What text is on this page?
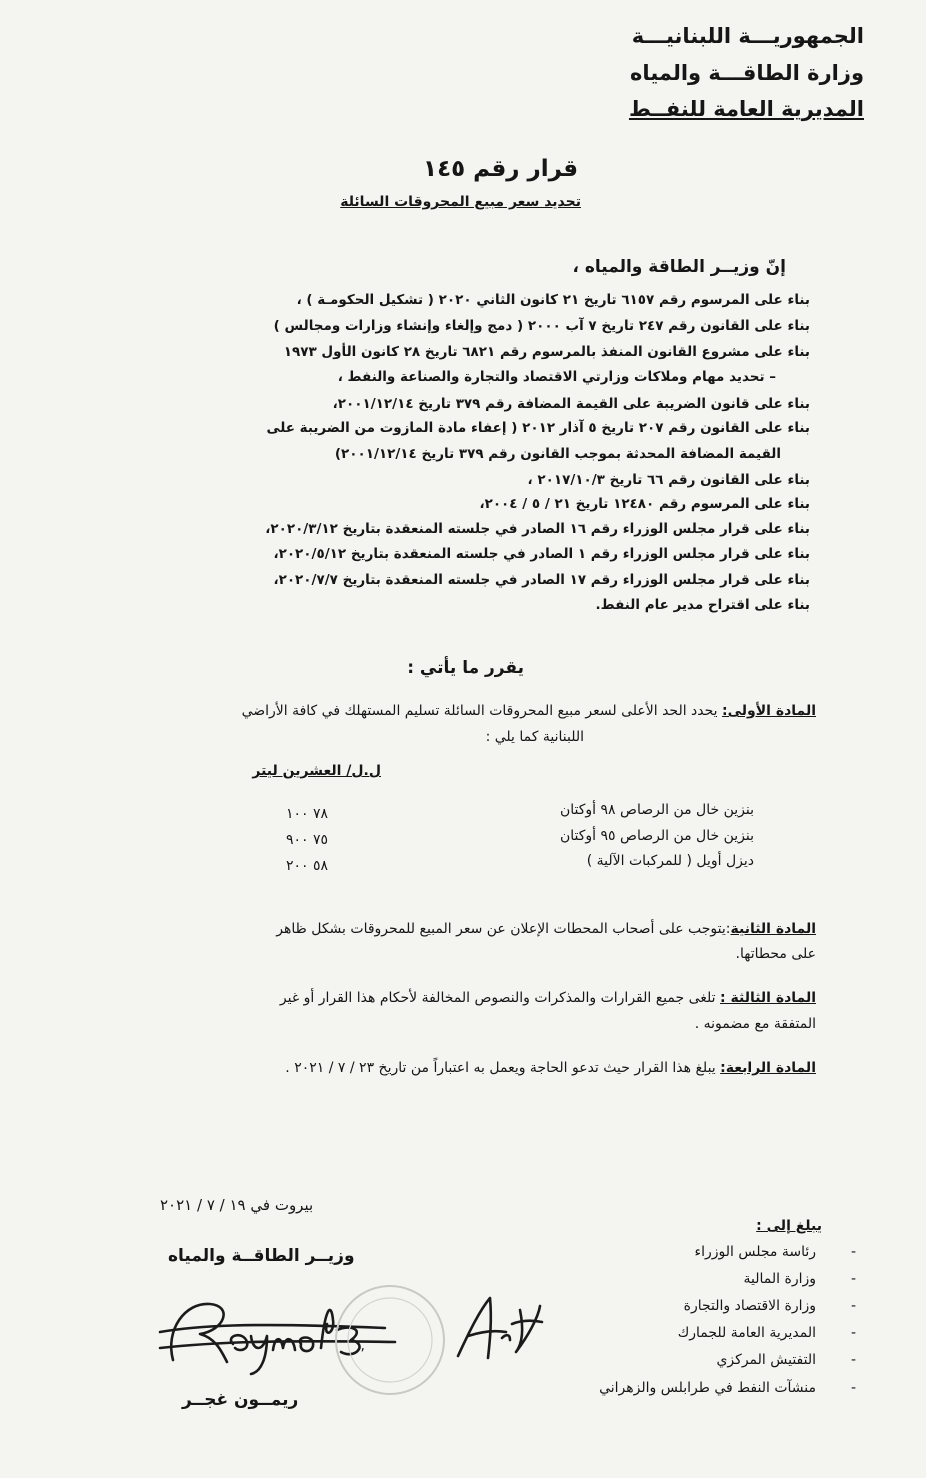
الجمهوريـــة اللبنانيـــة
وزارة الطاقـــة والمياه
المديرية العامة للنفــط
قرار رقم ١٤٥
تحديد سعر مبيع المحروقات السائلة
إنّ وزيــر الطاقة والمياه ،
بناء على المرسوم رقم ٦١٥٧ تاريخ ٢١ كانون الثاني ٢٠٢٠ ( تشكيل الحكومـة ) ،
بناء على القانون رقم ٢٤٧ تاريخ ٧ آب ٢٠٠٠ ( دمج وإلغاء وإنشاء وزارات ومجالس )
بناء على مشروع القانون المنفذ بالمرسوم رقم ٦٨٢١ تاريخ ٢٨ كانون الأول ١٩٧٣
– تحديد مهام وملاكات وزارتي الاقتصاد والتجارة والصناعة والنفط ،
بناء على قانون الضريبة على القيمة المضافة رقم ٣٧٩ تاريخ ٢٠٠١/١٢/١٤،
بناء على القانون رقم ٢٠٧ تاريخ ٥ آذار ٢٠١٢ ( إعفاء مادة المازوت من الضريبة على
القيمة المضافة المحدثة بموجب القانون رقم ٣٧٩ تاريخ ٢٠٠١/١٢/١٤)
بناء على القانون رقم ٦٦ تاريخ ٢٠١٧/١٠/٣ ،
بناء على المرسوم رقم ١٢٤٨٠ تاريخ ٢١ / ٥ / ٢٠٠٤،
بناء على قرار مجلس الوزراء رقم ١٦ الصادر في جلسته المنعقدة بتاريخ ٢٠٢٠/٣/١٢،
بناء على قرار مجلس الوزراء رقم ١ الصادر في جلسته المنعقدة بتاريخ ٢٠٢٠/٥/١٢،
بناء على قرار مجلس الوزراء رقم ١٧ الصادر في جلسته المنعقدة بتاريخ ٢٠٢٠/٧/٧،
بناء على اقتراح مدير عام النفط.
يقرر ما يأتي :
المادة الأولى: يحدد الحد الأعلى لسعر مبيع المحروقات السائلة تسليم المستهلك في كافة الأراضي
اللبنانية كما يلي :
ل.ل/ العشرين ليتر
بنزين خال من الرصاص ٩٨ أوكتان
٧٨ ١٠٠
بنزين خال من الرصاص ٩٥ أوكتان
٧٥ ٩٠٠
ديزل أويل ( للمركبات الآلية )
٥٨ ٢٠٠
المادة الثانية:يتوجب على أصحاب المحطات الإعلان عن سعر المبيع للمحروقات بشكل ظاهر
على محطاتها.
المادة الثالثة : تلغى جميع القرارات والمذكرات والنصوص المخالفة لأحكام هذا القرار أو غير
المتفقة مع مضمونه .
المادة الرابعة: يبلغ هذا القرار حيث تدعو الحاجة ويعمل به اعتباراً من تاريخ ٢٣ / ٧ / ٢٠٢١ .
بيروت في ١٩ / ٧ / ٢٠٢١
يبلغ إلى :
-
رئاسة مجلس الوزراء
-
وزارة المالية
-
وزارة الاقتصاد والتجارة
-
المديرية العامة للجمارك
-
التفتيش المركزي
-
منشآت النفط في طرابلس والزهراني
وزيــر الطاقــة والمياه
ريمــون غجــر
,
